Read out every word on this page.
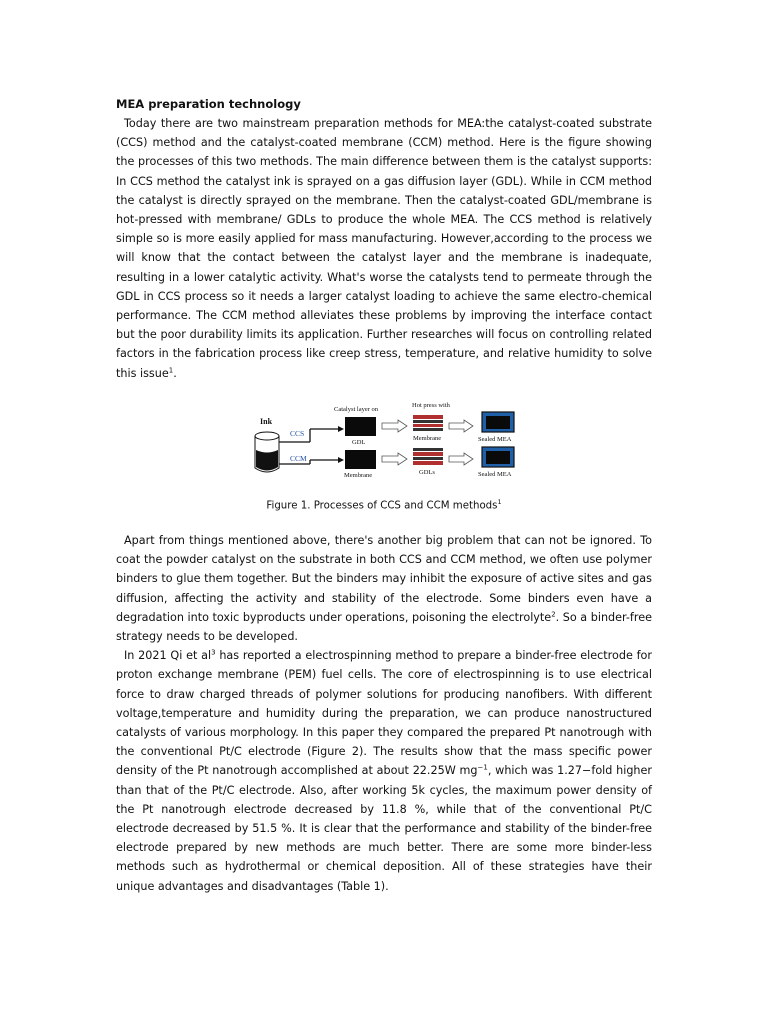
MEA preparation technology

Today there are two mainstream preparation methods for MEA:the catalyst-coated substrate (CCS) method and the catalyst-coated membrane (CCM) method. Here is the figure showing the processes of this two methods. The main difference between them is the catalyst supports: In CCS method the catalyst ink is sprayed on a gas diffusion layer (GDL). While in CCM method the catalyst is directly sprayed on the membrane. Then the catalyst-coated GDL/membrane is hot-pressed with membrane/ GDLs to produce the whole MEA. The CCS method is relatively simple so is more easily applied for mass manufacturing. However,according to the process we will know that the contact between the catalyst layer and the membrane is inadequate, resulting in a lower catalytic activity. What's worse the catalysts tend to permeate through the GDL in CCS process so it needs a larger catalyst loading to achieve the same electro-chemical performance. The CCM method alleviates these problems by improving the interface contact but the poor durability limits its application. Further researches will focus on controlling related factors in the fabrication process like creep stress, temperature, and relative humidity to solve this issue$^1$.

Ink
CCS
CCM
Catalyst layer on
Hot press with
GDL
Membrane
Membrane
GDLs
Sealed MEA
Sealed MEA
Figure 1. Processes of CCS and CCM methods$^1$

Apart from things mentioned above, there's another big problem that can not be ignored. To coat the powder catalyst on the substrate in both CCS and CCM method, we often use polymer binders to glue them together. But the binders may inhibit the exposure of active sites and gas diffusion, affecting the activity and stability of the electrode. Some binders even have a degradation into toxic byproducts under operations, poisoning the electrolyte$^2$. So a binder-free strategy needs to be developed.

In 2021 Qi et $al^3$ has reported a electrospinning method to prepare a binder-free electrode for proton exchange membrane (PEM) fuel cells. The core of electrospinning is to use electrical force to draw charged threads of polymer solutions for producing nanofibers. With different voltage,temperature and humidity during the preparation, we can produce nanostructured catalysts of various morphology. In this paper they compared the prepared Pt nanotrough with the conventional Pt/C electrode (Figure 2). The results show that the mass specific power density of the Pt nanotrough accomplished at about 22.25W $mg^{-1}$, which was 1.27−fold higher than that of the Pt/C electrode. Also, after working 5k cycles, the maximum power density of the Pt nanotrough electrode decreased by 11.8 %, while that of the conventional Pt/C electrode decreased by 51.5 %. It is clear that the performance and stability of the binder-free electrode prepared by new methods are much better. There are some more binder-less methods such as hydrothermal or chemical deposition. All of these strategies have their unique advantages and disadvantages (Table 1).
